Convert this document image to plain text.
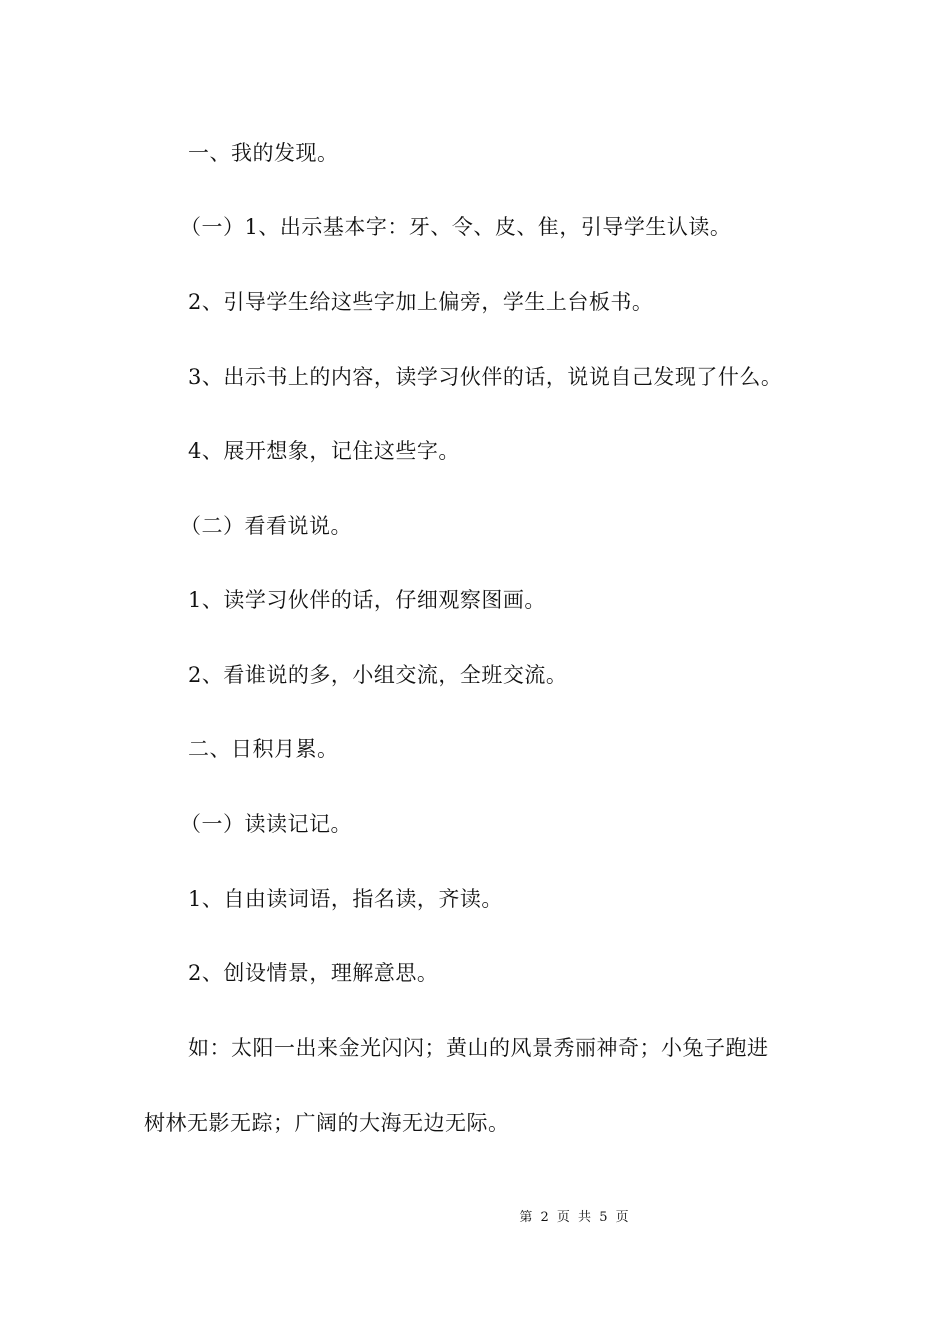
一、我的发现。
（一）1、出示基本字：牙、令、皮、隹，引导学生认读。
2、引导学生给这些字加上偏旁，学生上台板书。
3、出示书上的内容，读学习伙伴的话，说说自己发现了什么。
4、展开想象，记住这些字。
（二）看看说说。
1、读学习伙伴的话，仔细观察图画。
2、看谁说的多，小组交流，全班交流。
二、日积月累。
（一）读读记记。
1、自由读词语，指名读，齐读。
2、创设情景，理解意思。
如：太阳一出来金光闪闪；黄山的风景秀丽神奇；小兔子跑进
树林无影无踪；广阔的大海无边无际。
第 2 页 共 5 页
